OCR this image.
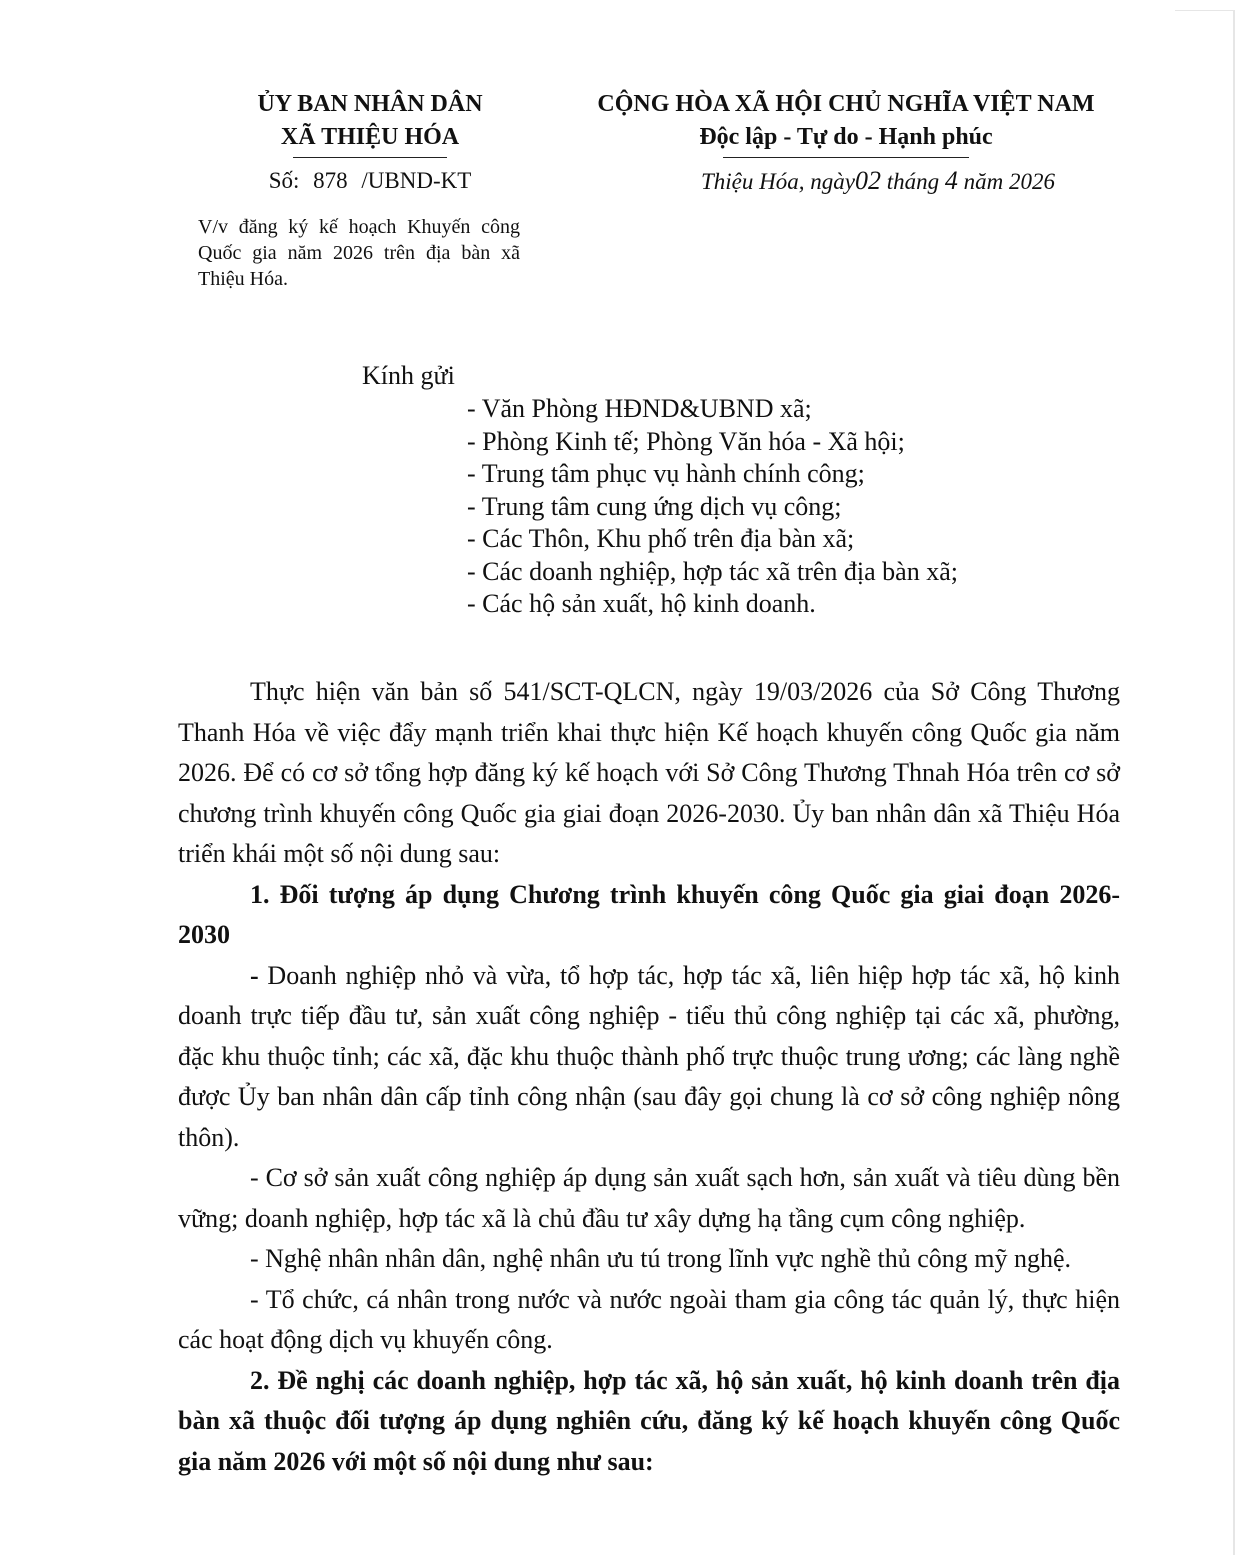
ỦY BAN NHÂN DÂN
XÃ THIỆU HÓA
CỘNG HÒA XÃ HỘI CHỦ NGHĨA VIỆT NAM
Độc lập - Tự do - Hạnh phúc
Số: 878 /UBND-KT	Thiệu Hóa, ngày02 tháng 4 năm 2026
V/v đăng ký kế hoạch Khuyến công Quốc gia năm 2026 trên địa bàn xã Thiệu Hóa.
Kính gửi
- Văn Phòng HĐND&UBND xã;
- Phòng Kinh tế; Phòng Văn hóa - Xã hội;
- Trung tâm phục vụ hành chính công;
- Trung tâm cung ứng dịch vụ công;
- Các Thôn, Khu phố trên địa bàn xã;
- Các doanh nghiệp, hợp tác xã trên địa bàn xã;
- Các hộ sản xuất, hộ kinh doanh.

Thực hiện văn bản số 541/SCT-QLCN, ngày 19/03/2026 của Sở Công Thương Thanh Hóa về việc đẩy mạnh triển khai thực hiện Kế hoạch khuyến công Quốc gia năm 2026. Để có cơ sở tổng hợp đăng ký kế hoạch với Sở Công Thương Thnah Hóa trên cơ sở chương trình khuyến công Quốc gia giai đoạn 2026-2030. Ủy ban nhân dân xã Thiệu Hóa triển khái một số nội dung sau:

1. Đối tượng áp dụng Chương trình khuyến công Quốc gia giai đoạn 2026-2030

- Doanh nghiệp nhỏ và vừa, tổ hợp tác, hợp tác xã, liên hiệp hợp tác xã, hộ kinh doanh trực tiếp đầu tư, sản xuất công nghiệp - tiểu thủ công nghiệp tại các xã, phường, đặc khu thuộc tỉnh; các xã, đặc khu thuộc thành phố trực thuộc trung ương; các làng nghề được Ủy ban nhân dân cấp tỉnh công nhận (sau đây gọi chung là cơ sở công nghiệp nông thôn).

- Cơ sở sản xuất công nghiệp áp dụng sản xuất sạch hơn, sản xuất và tiêu dùng bền vững; doanh nghiệp, hợp tác xã là chủ đầu tư xây dựng hạ tầng cụm công nghiệp.

- Nghệ nhân nhân dân, nghệ nhân ưu tú trong lĩnh vực nghề thủ công mỹ nghệ.

- Tổ chức, cá nhân trong nước và nước ngoài tham gia công tác quản lý, thực hiện các hoạt động dịch vụ khuyến công.

2. Đề nghị các doanh nghiệp, hợp tác xã, hộ sản xuất, hộ kinh doanh trên địa bàn xã thuộc đối tượng áp dụng nghiên cứu, đăng ký kế hoạch khuyến công Quốc gia năm 2026 với một số nội dung như sau:
